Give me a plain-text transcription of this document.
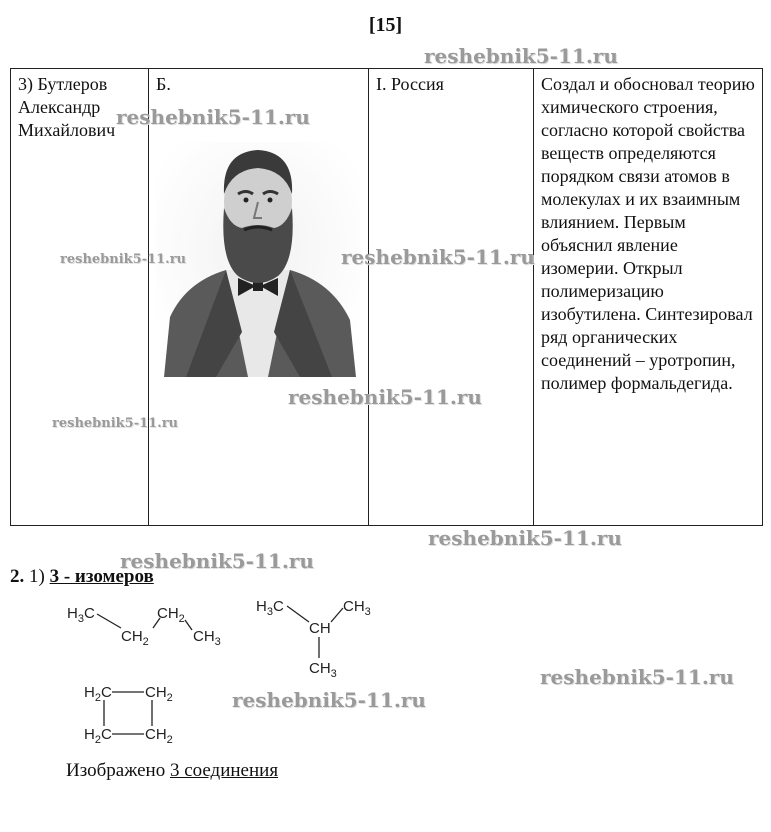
[15]
3) Бутлеров Александр Михайлович	Б.	I. Россия	Создал и обосновал теорию химического строения, согласно которой свойства веществ определяются порядком связи атомов в молекулах и их взаимным влиянием. Первым объяснил явление изомерии. Открыл полимеризацию изобутилена. Синтезировал ряд органических соединений – уротропин, полимер формальдегида.
2. 1) 3 - изомеров
$H_3C$
$CH_2$
$CH_2$
$CH_3$
$H_3C$
CH
$CH_3$
$CH_3$
$H_2C$ $CH_2$
$H_2C$ $CH_2$
Изображено 3 соединения
reshebnik5-11.ru
reshebnik5-11.ru
reshebnik5-11.ru	reshebnik5-11.ru
reshebnik5-11.ru
reshebnik5-11.ru
reshebnik5-11.ru
reshebnik5-11.ru
reshebnik5-11.ru
reshebnik5-11.ru
